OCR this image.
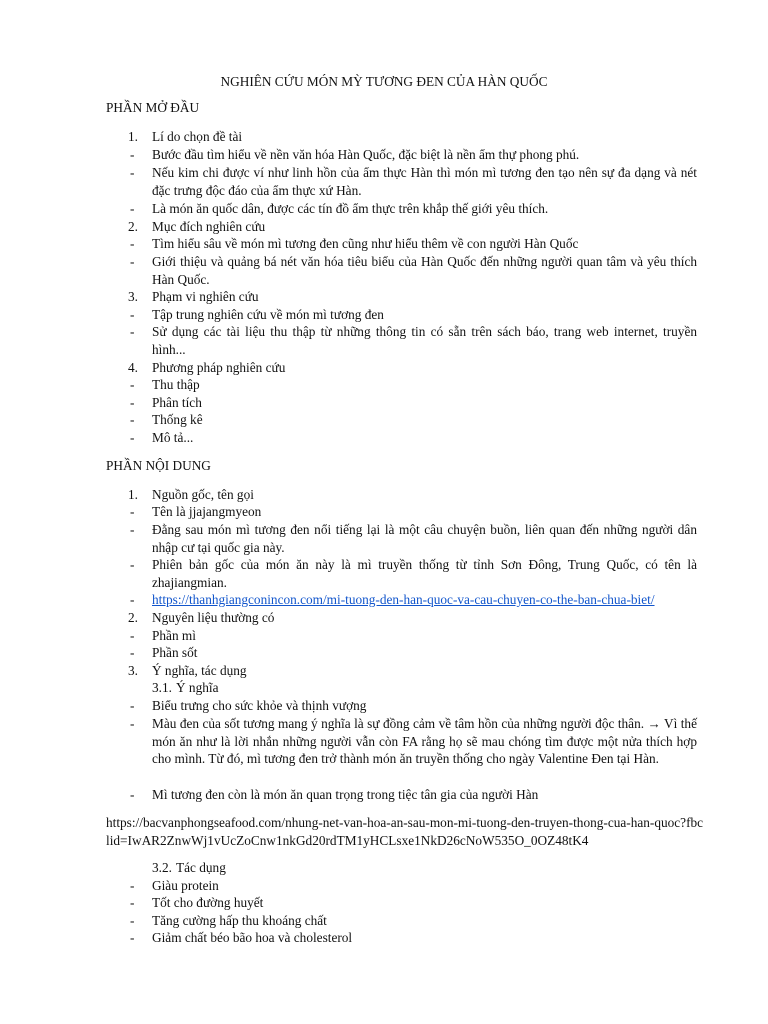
NGHIÊN CỨU MÓN MỲ TƯƠNG ĐEN CỦA HÀN QUỐC
PHẦN MỞ ĐẦU
1. Lí do chọn đề tài
- Bước đầu tìm hiểu về nền văn hóa Hàn Quốc, đặc biệt là nền ẩm thự phong phú.
- Nếu kim chi được ví như linh hồn của ẩm thực Hàn thì món mì tương đen tạo nên sự đa dạng và nét đặc trưng độc đáo của ẩm thực xứ Hàn.
- Là món ăn quốc dân, được các tín đồ ẩm thực trên khắp thế giới yêu thích.
2. Mục đích nghiên cứu
- Tìm hiểu sâu về món mì tương đen cũng như hiểu thêm về con người Hàn Quốc
- Giới thiệu và quảng bá nét văn hóa tiêu biểu của Hàn Quốc đến những người quan tâm và yêu thích Hàn Quốc.
3. Phạm vi nghiên cứu
- Tập trung nghiên cứu về món mì tương đen
- Sử dụng các tài liệu thu thập từ những thông tin có sẵn trên sách báo, trang web internet, truyền hình...
4. Phương pháp nghiên cứu
- Thu thập
- Phân tích
- Thống kê
- Mô tả...
PHẦN NỘI DUNG
1. Nguồn gốc, tên gọi
- Tên là jjajangmyeon
- Đằng sau món mì tương đen nổi tiếng lại là một câu chuyện buồn, liên quan đến những người dân nhập cư tại quốc gia này.
- Phiên bản gốc của món ăn này là mì truyền thống từ tỉnh Sơn Đông, Trung Quốc, có tên là zhajiangmian.
- https://thanhgiangconincon.com/mi-tuong-den-han-quoc-va-cau-chuyen-co-the-ban-chua-biet/
2. Nguyên liệu thường có
- Phần mì
- Phần sốt
3. Ý nghĩa, tác dụng
3.1. Ý nghĩa
- Biểu trưng cho sức khỏe và thịnh vượng
- Màu đen của sốt tương mang ý nghĩa là sự đồng cảm về tâm hồn của những người độc thân. → Vì thế món ăn như là lời nhắn những người vẫn còn FA rằng họ sẽ mau chóng tìm được một nửa thích hợp cho mình. Từ đó, mì tương đen trở thành món ăn truyền thống cho ngày Valentine Đen tại Hàn.
- Mì tương đen còn là món ăn quan trọng trong tiệc tân gia của người Hàn
https://bacvanphongseafood.com/nhung-net-van-hoa-an-sau-mon-mi-tuong-den-truyen-thong-cua-han-quoc?fbclid=IwAR2ZnwWj1vUcZoCnw1nkGd20rdTM1yHCLsxe1NkD26cNoW535O_0OZ48tK4
3.2. Tác dụng
- Giàu protein
- Tốt cho đường huyết
- Tăng cường hấp thu khoáng chất
- Giảm chất béo bão hoa và cholesterol
